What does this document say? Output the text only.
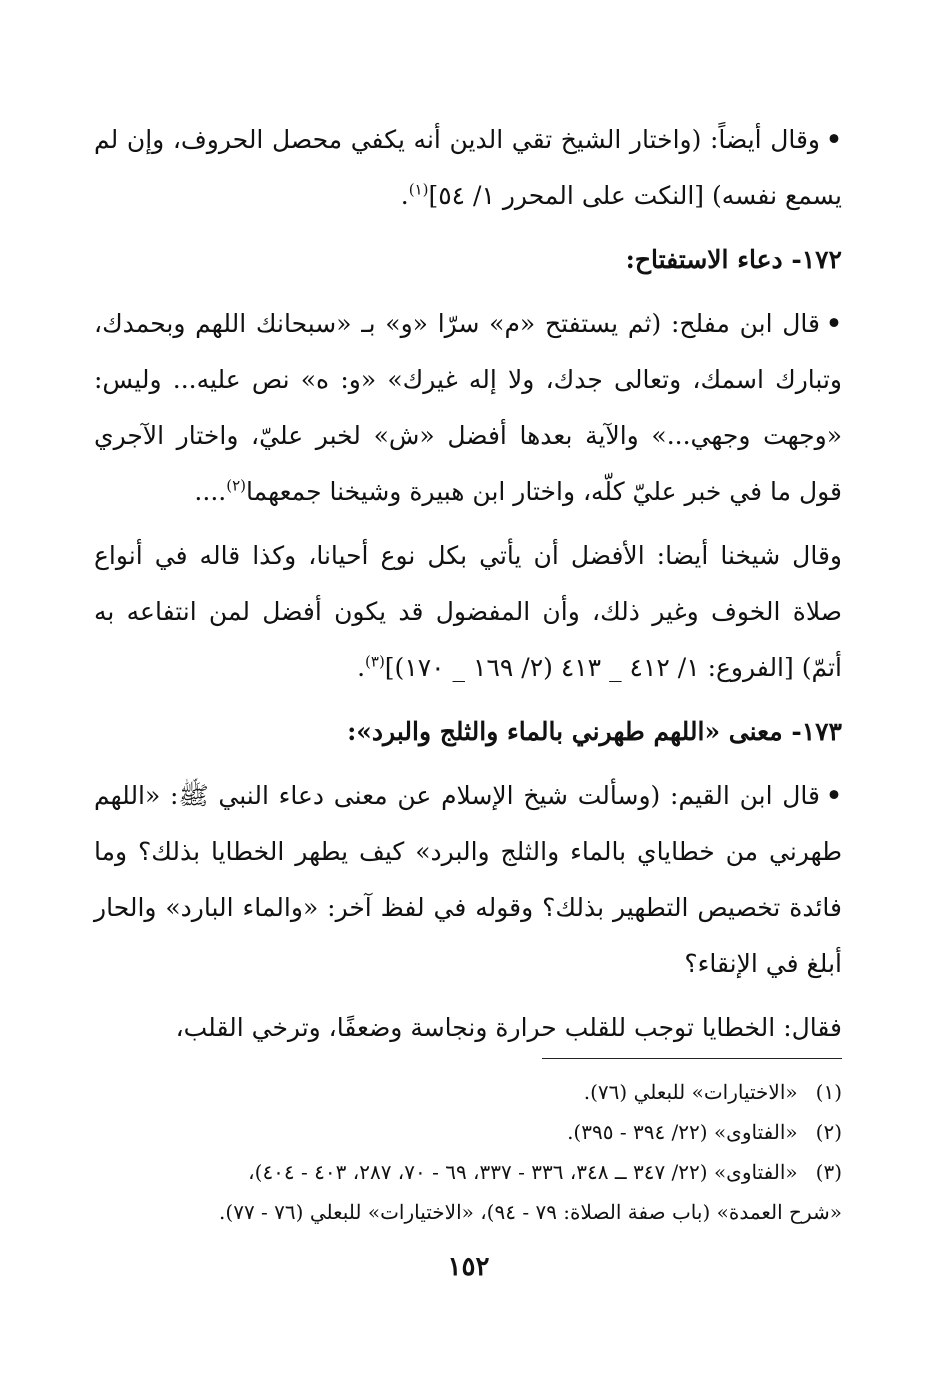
•وقال أيضاً: (واختار الشيخ تقي الدين أنه يكفي محصل الحروف، وإن لم يسمع نفسه) [النكت على المحرر ١/ ٥٤]$^{(١)}$.

١٧٢- دعاء الاستفتاح:

•قال ابن مفلح: (ثم يستفتح «م» سرّا «و» بـ «سبحانك اللهم وبحمدك، وتبارك اسمك، وتعالى جدك، ولا إله غيرك» «و: ه» نص عليه... وليس: «وجهت وجهي...» والآية بعدها أفضل «ش» لخبر عليّ، واختار الآجري قول ما في خبر عليّ كلّه، واختار ابن هبيرة وشيخنا جمعهما$^{(٢)}$....

وقال شيخنا أيضا: الأفضل أن يأتي بكل نوع أحيانا، وكذا قاله في أنواع صلاة الخوف وغير ذلك، وأن المفضول قد يكون أفضل لمن انتفاعه به أتمّ) [الفروع: ١/ ٤١٢ _ ٤١٣ (٢/ ١٦٩ _ ١٧٠)]$^{(٣)}$.

١٧٣- معنى «اللهم طهرني بالماء والثلج والبرد»:

•قال ابن القيم: (وسألت شيخ الإسلام عن معنى دعاء النبي ﷺ: «اللهم طهرني من خطاياي بالماء والثلج والبرد» كيف يطهر الخطايا بذلك؟ وما فائدة تخصيص التطهير بذلك؟ وقوله في لفظ آخر: «والماء البارد» والحار أبلغ في الإنقاء؟

فقال: الخطايا توجب للقلب حرارة ونجاسة وضعفًا، وترخي القلب،

(١)«الاختيارات» للبعلي (٧٦).

(٢)«الفتاوى» (٢٢/ ٣٩٤ - ٣٩٥).

(٣)«الفتاوى» (٢٢/ ٣٤٧ ــ ٣٤٨، ٣٣٦ - ٣٣٧، ٦٩ - ٧٠، ٢٨٧، ٤٠٣ - ٤٠٤)،

«شرح العمدة» (باب صفة الصلاة: ٧٩ - ٩٤)، «الاختيارات» للبعلي (٧٦ - ٧٧).

١٥٢
